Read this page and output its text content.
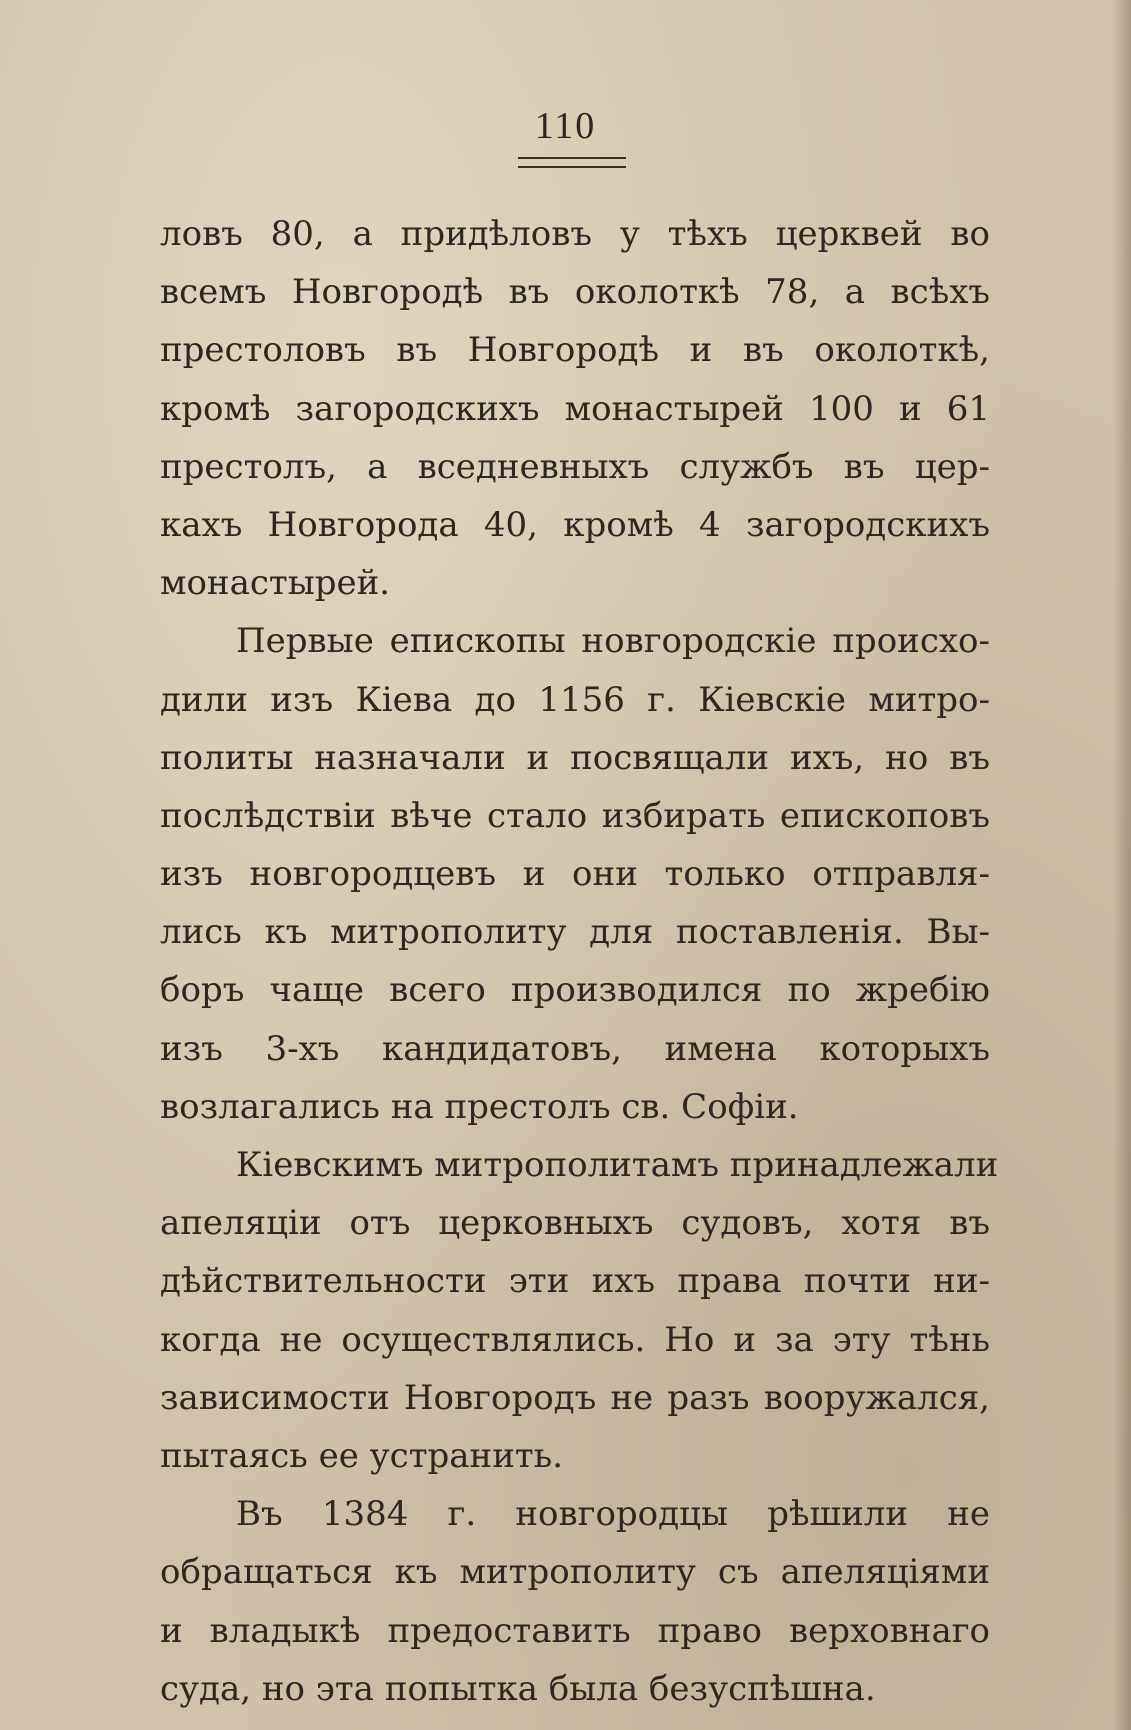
110
ловъ 80, а придѣловъ у тѣхъ церквей во
всемъ Новгородѣ въ околоткѣ 78, а всѣхъ
престоловъ въ Новгородѣ и въ околоткѣ,
кромѣ загородскихъ монастырей 100 и 61
престолъ, а вседневныхъ службъ въ цер-
кахъ Новгорода 40, кромѣ 4 загородскихъ
монастырей.
Первые епископы новгородскіе происхо-
дили изъ Кіева до 1156 г. Кіевскіе митро-
политы назначали и посвящали ихъ, но въ
послѣдствіи вѣче стало избирать епископовъ
изъ новгородцевъ и они только отправля-
лись къ митрополиту для поставленія. Вы-
боръ чаще всего производился по жребію
изъ 3-хъ кандидатовъ, имена которыхъ
возлагались на престолъ св. Софіи.
Кіевскимъ митрополитамъ принадлежали
апеляціи отъ церковныхъ судовъ, хотя въ
дѣйствительности эти ихъ права почти ни-
когда не осуществлялись. Но и за эту тѣнь
зависимости Новгородъ не разъ вооружался,
пытаясь ее устранить.
Въ 1384 г. новгородцы рѣшили не
обращаться къ митрополиту съ апеляціями
и владыкѣ предоставить право верховнаго
суда, но эта попытка была безуспѣшна.
